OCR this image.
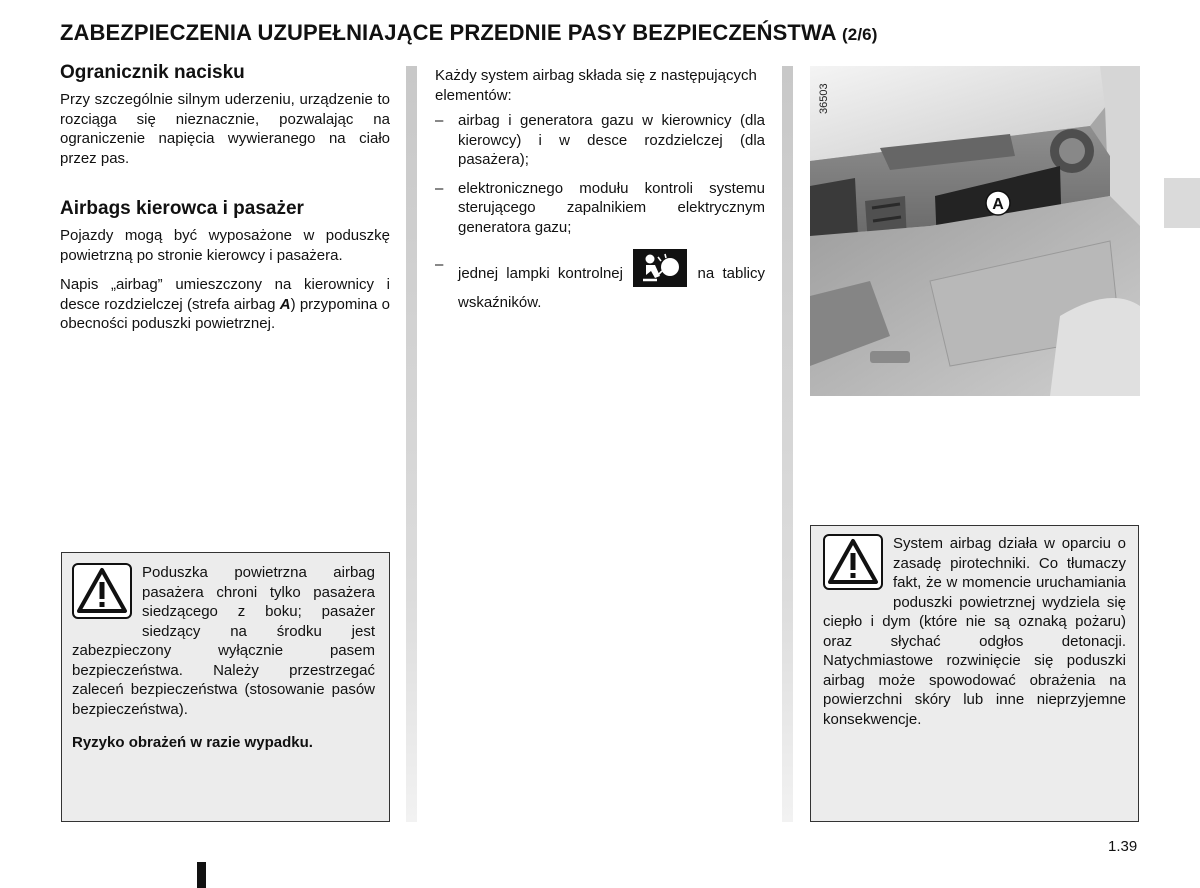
ZABEZPIECZENIA UZUPEŁNIAJĄCE PRZEDNIE PASY BEZPIECZEŃSTWA (2/6)
Ogranicznik nacisku

Przy szczególnie silnym uderzeniu, urządzenie to rozciąga się nieznacznie, pozwalając na ograniczenie napięcia wywieranego na ciało przez pas.

Airbags kierowca i pasażer

Pojazdy mogą być wyposażone w poduszkę powietrzną po stronie kierowcy i pasażera.

Napis „airbag” umieszczony na kierownicy i desce rozdzielczej (strefa airbag A) przypomina o obecności poduszki powietrznej.

Każdy system airbag składa się z następujących elementów:

– airbag i generatora gazu w kierownicy (dla kierowcy) i w desce rozdzielczej (dla pasażera);
– elektronicznego modułu kontroli systemu sterującego zapalnikiem elektrycznym generatora gazu;
–
jednej lampki kontrolnej	na tablicy wskaźników.
A
36503

Poduszka powietrzna airbag pasażera chroni tylko pasażera siedzącego z boku; pasażer siedzący na środku jest zabezpieczony wyłącznie pasem bezpieczeństwa. Należy przestrzegać zaleceń bezpieczeństwa (stosowanie pasów bezpieczeństwa).

Ryzyko obrażeń w razie wypadku.

System airbag działa w oparciu o zasadę pirotechniki. Co tłumaczy fakt, że w momencie uruchamiania poduszki powietrznej wydziela się ciepło i dym (które nie są oznaką pożaru) oraz słychać odgłos detonacji. Natychmiastowe rozwinięcie się poduszki airbag może spowodować obrażenia na powierzchni skóry lub inne nieprzyjemne konsekwencje.

1.39
